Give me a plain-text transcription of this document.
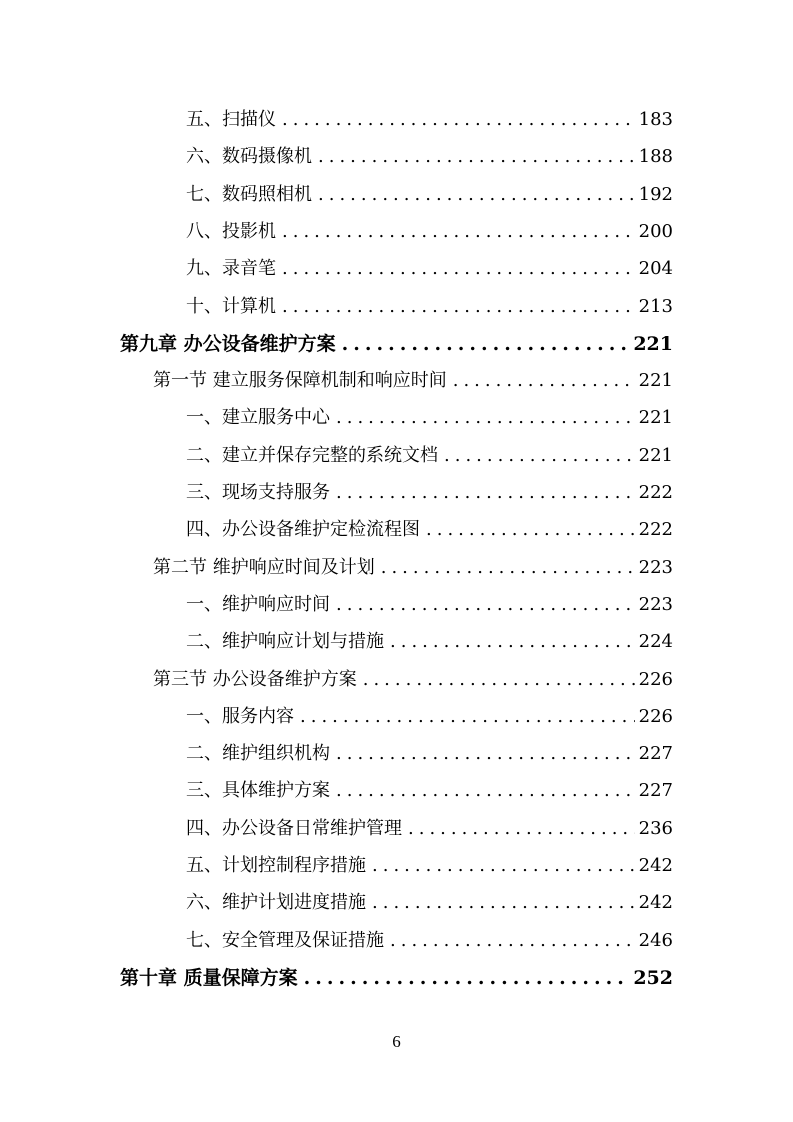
五、扫描仪 .....	183
六、数码摄像机 .....	188
七、数码照相机 .....	192
八、投影机 .....	200
九、录音笔 .....	204
十、计算机 .....	213
第九章 办公设备维护方案 .....	221
第一节 建立服务保障机制和响应时间 .....	221
一、建立服务中心 .....	221
二、建立并保存完整的系统文档 .....	221
三、现场支持服务 .....	222
四、办公设备维护定检流程图 .....	222
第二节 维护响应时间及计划 .....	223
一、维护响应时间 .....	223
二、维护响应计划与措施 .....	224
第三节 办公设备维护方案 .....	226
一、服务内容 .....	226
二、维护组织机构 .....	227
三、具体维护方案 .....	227
四、办公设备日常维护管理 .....	236
五、计划控制程序措施 .....	242
六、维护计划进度措施 .....	242
七、安全管理及保证措施 .....	246
第十章 质量保障方案 .....	252
6
